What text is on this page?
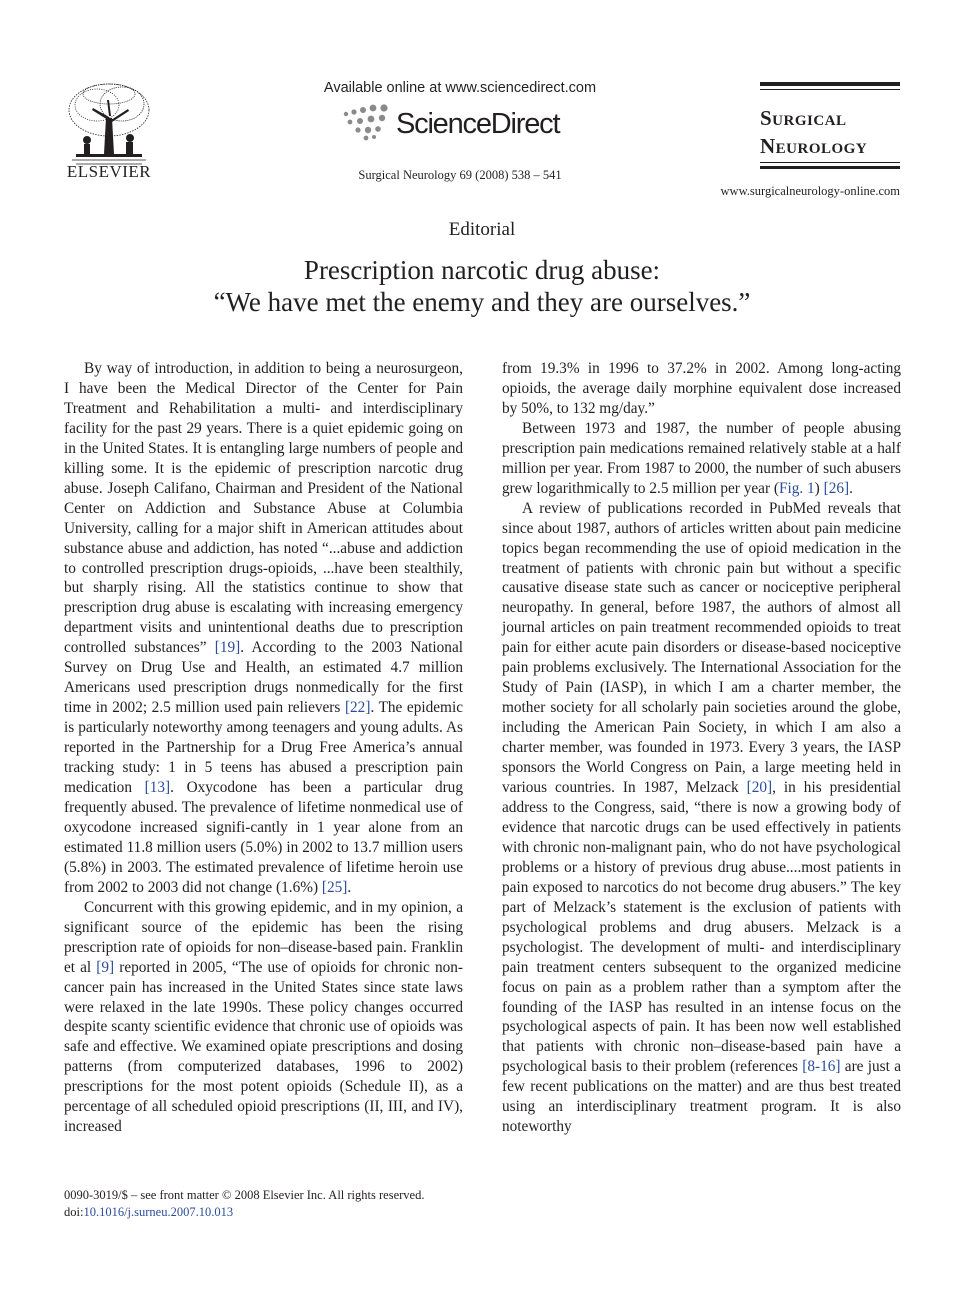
ELSEVIER
Available online at www.sciencedirect.com
ScienceDirect
Surgical Neurology 69 (2008) 538 – 541
Surgical
Neurology
www.surgicalneurology-online.com
Editorial
Prescription narcotic drug abuse:
“We have met the enemy and they are ourselves.”

By way of introduction, in addition to being a neurosurgeon, I have been the Medical Director of the Center for Pain Treatment and Rehabilitation a multi- and interdisciplinary facility for the past 29 years. There is a quiet epidemic going on in the United States. It is entangling large numbers of people and killing some. It is the epidemic of prescription narcotic drug abuse. Joseph Califano, Chairman and President of the National Center on Addiction and Substance Abuse at Columbia University, calling for a major shift in American attitudes about substance abuse and addiction, has noted “...abuse and addiction to controlled prescription drugs-opioids, ...have been stealthily, but sharply rising. All the statistics continue to show that prescription drug abuse is escalating with increasing emergency department visits and unintentional deaths due to prescription controlled substances” [19]. According to the 2003 National Survey on Drug Use and Health, an estimated 4.7 million Americans used prescription drugs nonmedically for the first time in 2002; 2.5 million used pain relievers [22]. The epidemic is particularly noteworthy among teenagers and young adults. As reported in the Partnership for a Drug Free America’s annual tracking study: 1 in 5 teens has abused a prescription pain medication [13]. Oxycodone has been a particular drug frequently abused. The prevalence of lifetime nonmedical use of oxycodone increased signifi-cantly in 1 year alone from an estimated 11.8 million users (5.0%) in 2002 to 13.7 million users (5.8%) in 2003. The estimated prevalence of lifetime heroin use from 2002 to 2003 did not change (1.6%) [25].

Concurrent with this growing epidemic, and in my opinion, a significant source of the epidemic has been the rising prescription rate of opioids for non–disease-based pain. Franklin et al [9] reported in 2005, “The use of opioids for chronic non-cancer pain has increased in the United States since state laws were relaxed in the late 1990s. These policy changes occurred despite scanty scientific evidence that chronic use of opioids was safe and effective. We examined opiate prescriptions and dosing patterns (from computerized databases, 1996 to 2002) prescriptions for the most potent opioids (Schedule II), as a percentage of all scheduled opioid prescriptions (II, III, and IV), increased

from 19.3% in 1996 to 37.2% in 2002. Among long-acting opioids, the average daily morphine equivalent dose increased by 50%, to 132 mg/day.”

Between 1973 and 1987, the number of people abusing prescription pain medications remained relatively stable at a half million per year. From 1987 to 2000, the number of such abusers grew logarithmically to 2.5 million per year (Fig. 1) [26].

A review of publications recorded in PubMed reveals that since about 1987, authors of articles written about pain medicine topics began recommending the use of opioid medication in the treatment of patients with chronic pain but without a specific causative disease state such as cancer or nociceptive peripheral neuropathy. In general, before 1987, the authors of almost all journal articles on pain treatment recommended opioids to treat pain for either acute pain disorders or disease-based nociceptive pain problems exclusively. The International Association for the Study of Pain (IASP), in which I am a charter member, the mother society for all scholarly pain societies around the globe, including the American Pain Society, in which I am also a charter member, was founded in 1973. Every 3 years, the IASP sponsors the World Congress on Pain, a large meeting held in various countries. In 1987, Melzack [20], in his presidential address to the Congress, said, “there is now a growing body of evidence that narcotic drugs can be used effectively in patients with chronic non-malignant pain, who do not have psychological problems or a history of previous drug abuse....most patients in pain exposed to narcotics do not become drug abusers.” The key part of Melzack’s statement is the exclusion of patients with psychological problems and drug abusers. Melzack is a psychologist. The development of multi- and interdisciplinary pain treatment centers subsequent to the organized medicine focus on pain as a problem rather than a symptom after the founding of the IASP has resulted in an intense focus on the psychological aspects of pain. It has been now well established that patients with chronic non–disease-based pain have a psychological basis to their problem (references [8-16] are just a few recent publications on the matter) and are thus best treated using an interdisciplinary treatment program. It is also noteworthy

0090-3019/$ – see front matter © 2008 Elsevier Inc. All rights reserved.
doi:10.1016/j.surneu.2007.10.013
